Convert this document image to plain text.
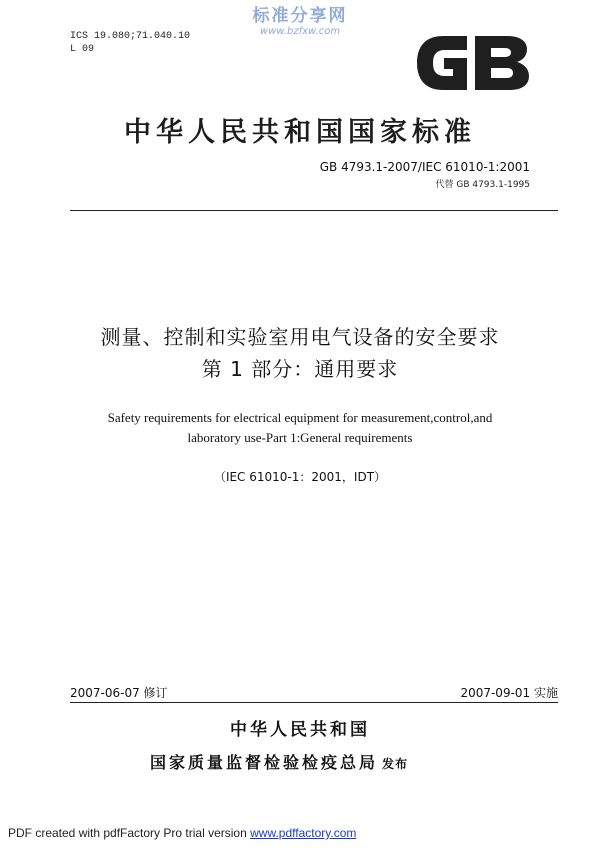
ICS 19.080;71.040.10
L 09
标准分享网
www.bzfxw.com
中华人民共和国国家标准
GB 4793.1-2007/IEC 61010-1:2001
代替 GB 4793.1-1995
测量、控制和实验室用电气设备的安全要求
第 1 部分：通用要求
Safety requirements for electrical equipment for measurement,control,and
laboratory use-Part 1:General requirements
（IEC 61010-1：2001，IDT）
2007-06-07 修订	2007-09-01 实施
中华人民共和国
国家质量监督检验检疫总局 发布
PDF created with pdfFactory Pro trial version www.pdffactory.com
